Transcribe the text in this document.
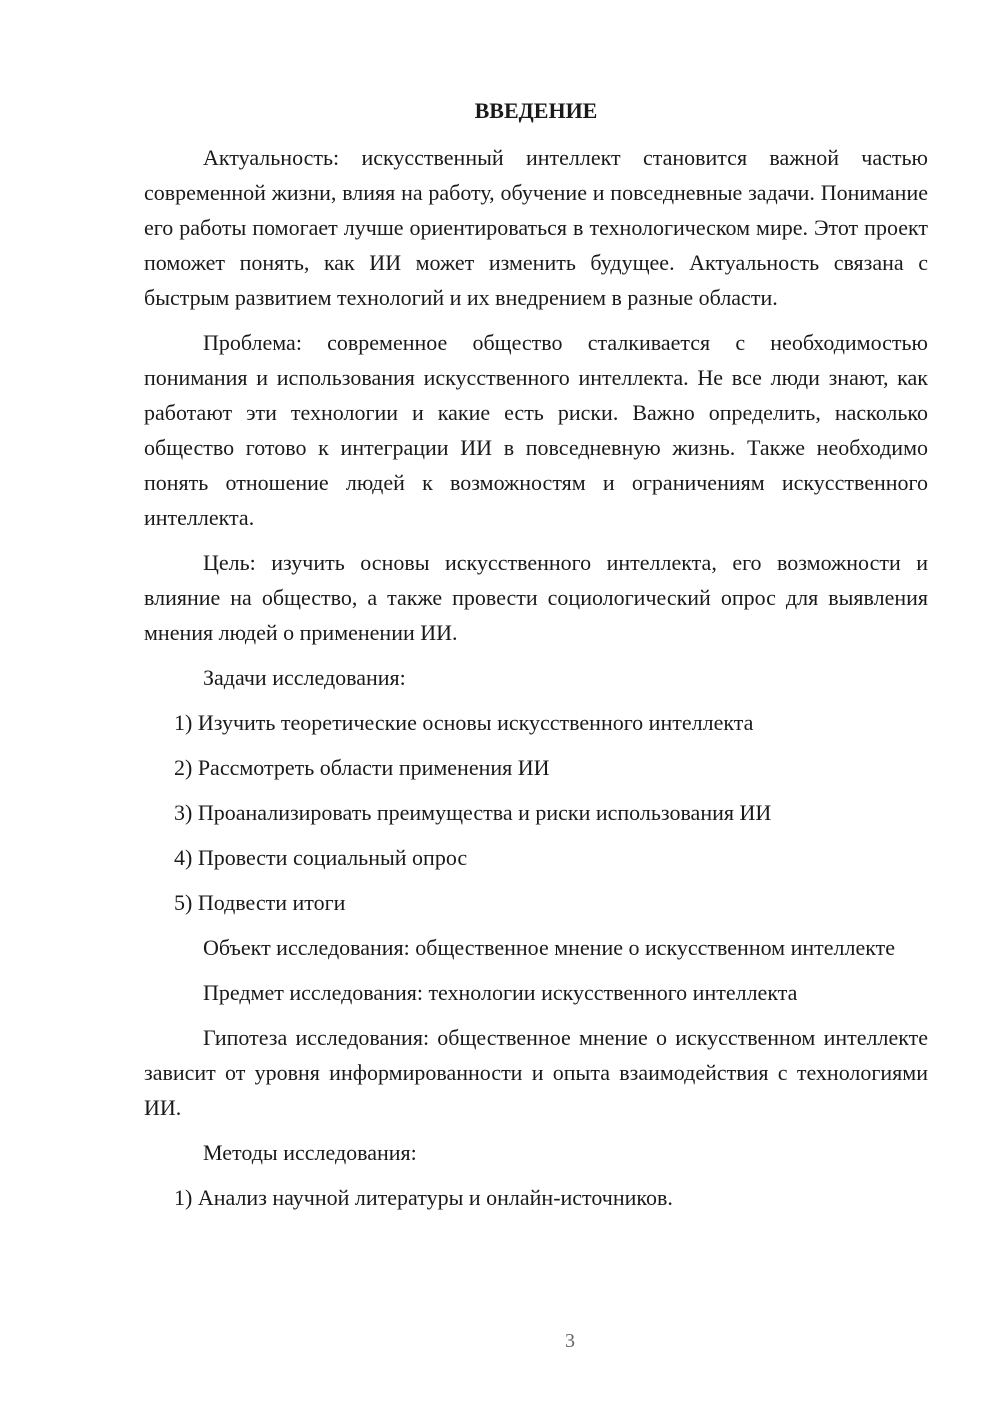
ВВЕДЕНИЕ

Актуальность: искусственный интеллект становится важной частью современной жизни, влияя на работу, обучение и повседневные задачи. Понимание его работы помогает лучше ориентироваться в технологическом мире. Этот проект поможет понять, как ИИ может изменить будущее. Актуальность связана с быстрым развитием технологий и их внедрением в разные области.

Проблема: современное общество сталкивается с необходимостью понимания и использования искусственного интеллекта. Не все люди знают, как работают эти технологии и какие есть риски. Важно определить, насколько общество готово к интеграции ИИ в повседневную жизнь. Также необходимо понять отношение людей к возможностям и ограничениям искусственного интеллекта.

Цель: изучить основы искусственного интеллекта, его возможности и влияние на общество, а также провести социологический опрос для выявления мнения людей о применении ИИ.

Задачи исследования:

1) Изучить теоретические основы искусственного интеллекта
2) Рассмотреть области применения ИИ
3) Проанализировать преимущества и риски использования ИИ
4) Провести социальный опрос
5) Подвести итоги

Объект исследования: общественное мнение о искусственном интеллекте

Предмет исследования: технологии искусственного интеллекта

Гипотеза исследования: общественное мнение о искусственном интеллекте зависит от уровня информированности и опыта взаимодействия с технологиями ИИ.

Методы исследования:

1) Анализ научной литературы и онлайн-источников.
3
